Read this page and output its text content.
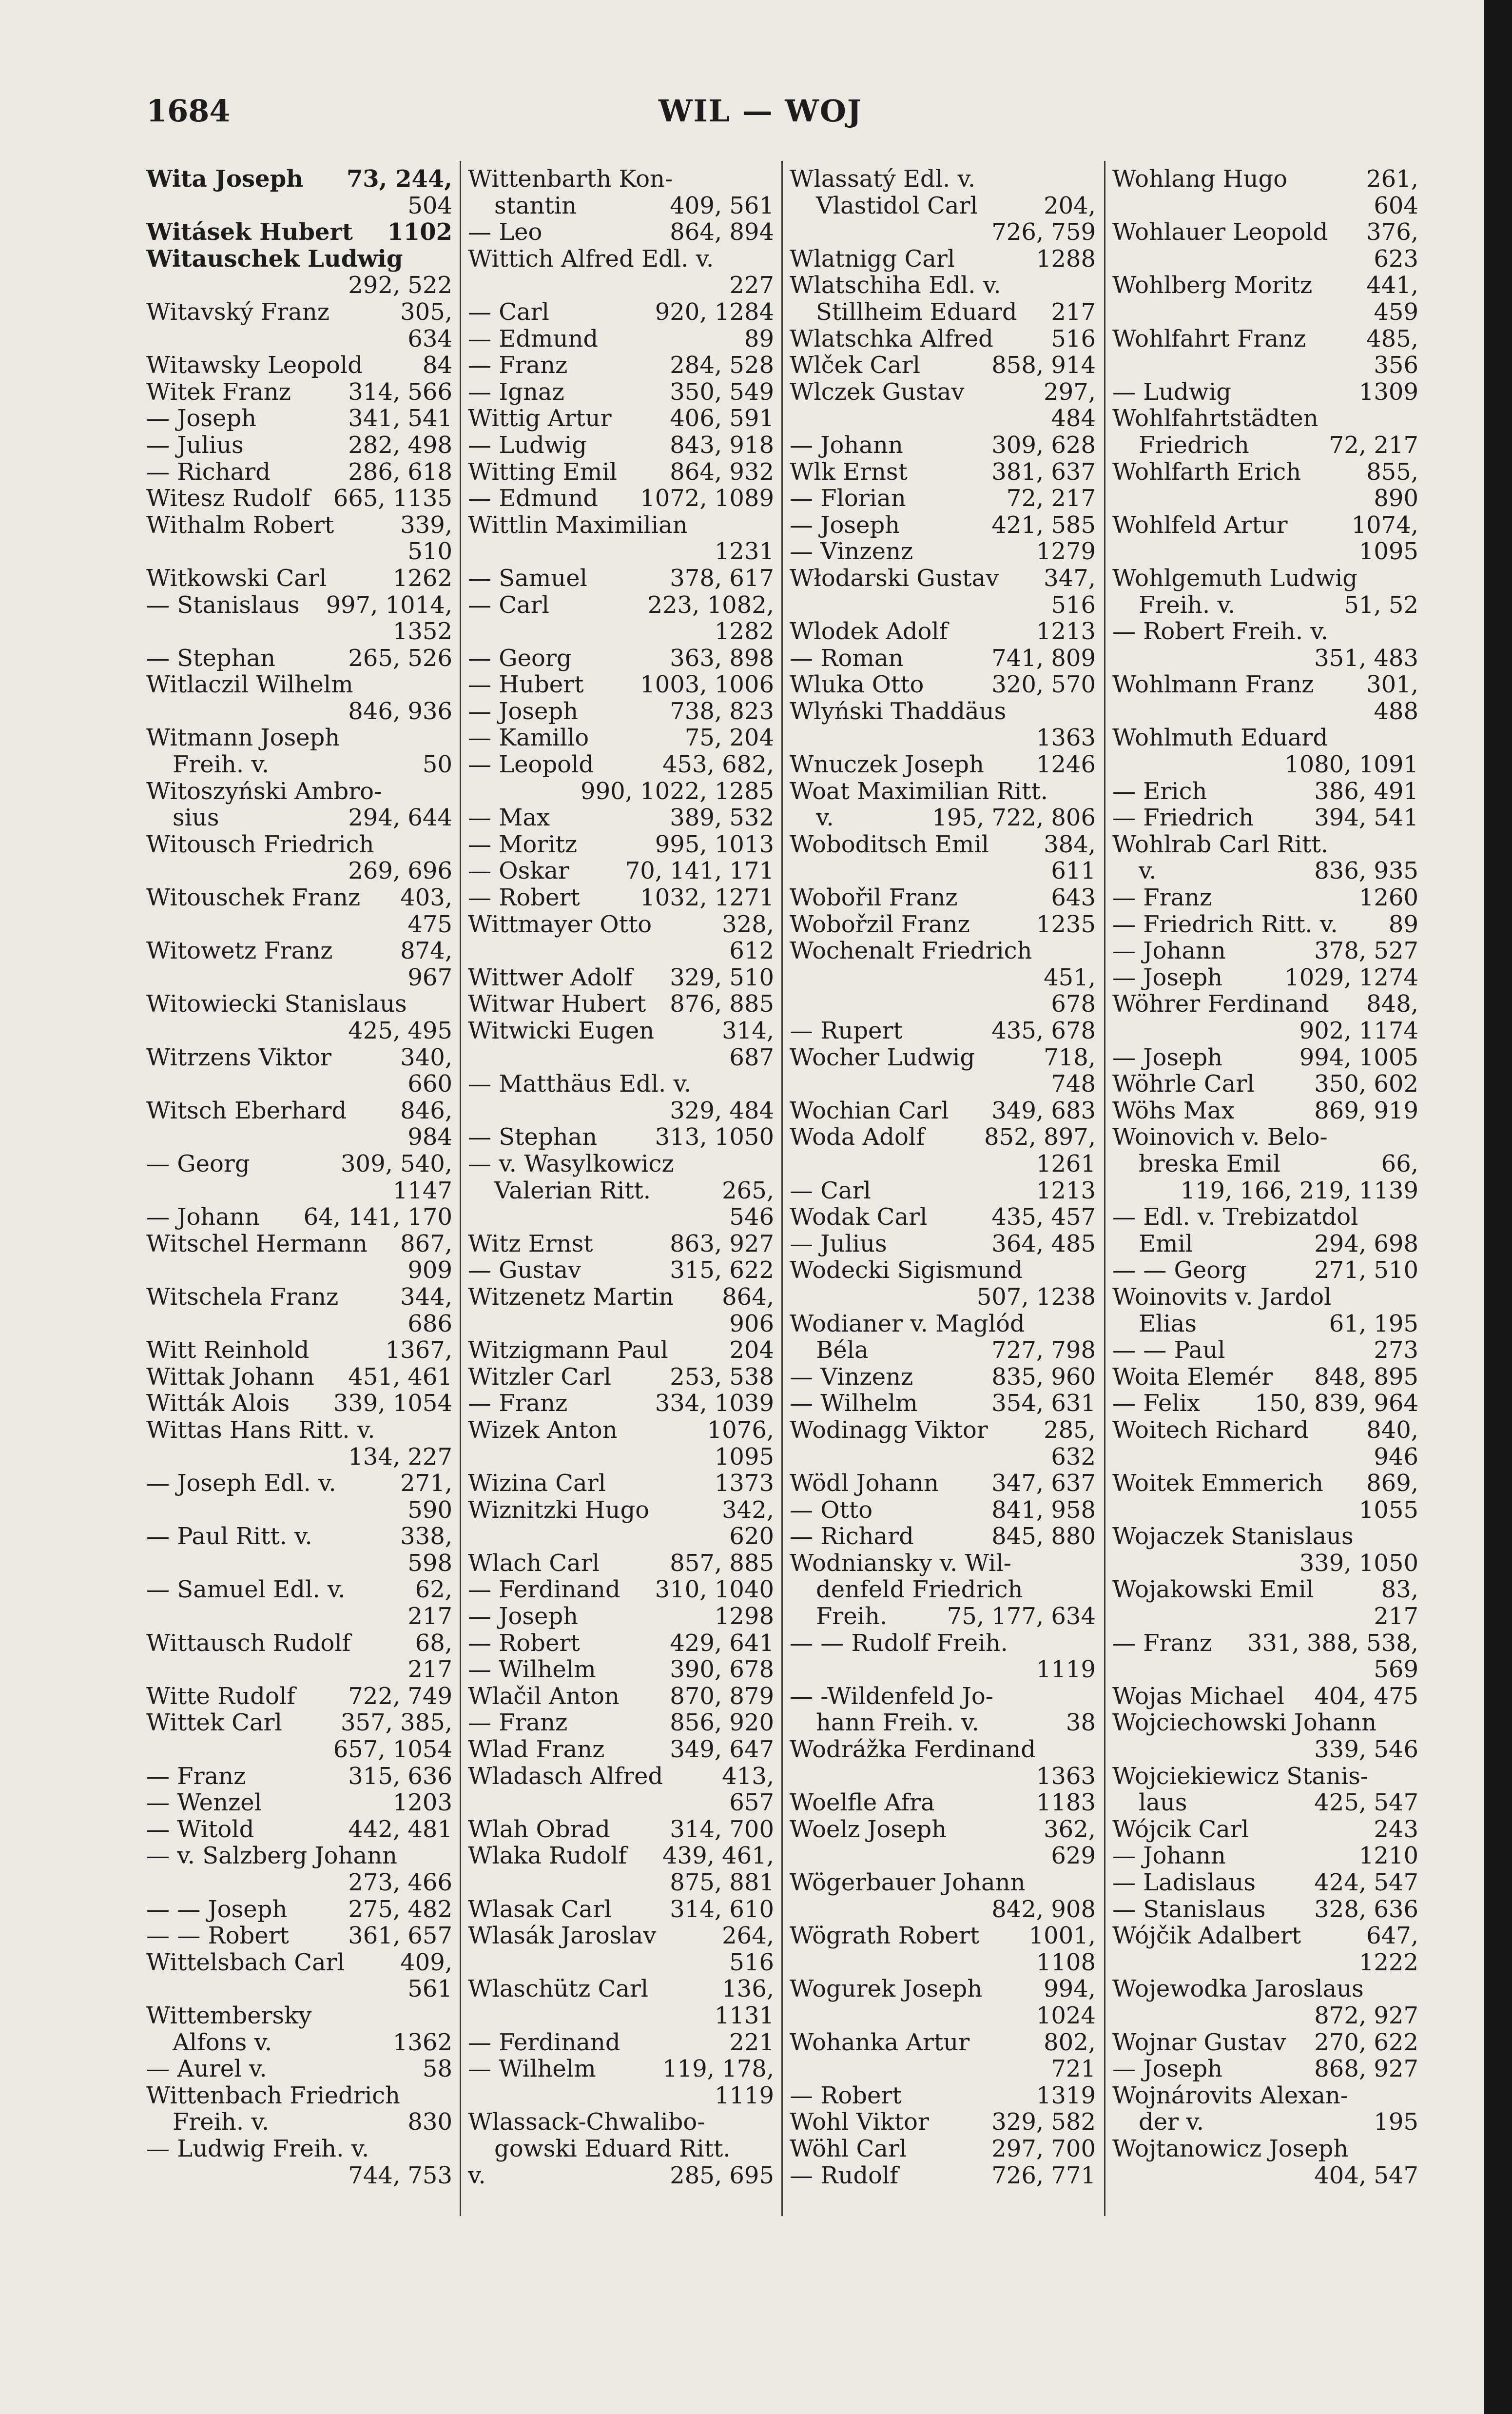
1684	WIL — WOJ
Wita Joseph 73, 244,
504
Witásek Hubert 1102
Witauschek Ludwig
292, 522
Witavský Franz	305,
634
Witawsky Leopold	84
Witek Franz 314, 566
— Joseph	341, 541
— Julius	282, 498
— Richard	286, 618
Witesz Rudolf 665, 1135
Withalm Robert	339,
510
Witkowski Carl	1262
— Stanislaus 997, 1014,
1352
— Stephan	265, 526
Witlaczil Wilhelm
846, 936
Witmann Joseph
Freih. v.	50
Witoszyński Ambro-
sius	294, 644
Witousch Friedrich
269, 696
Witouschek Franz 403,
475
Witowetz Franz	874,
967
Witowiecki Stanislaus
425, 495
Witrzens Viktor	340,
660
Witsch Eberhard 846,
984
— Georg	309, 540,
1147
— Johann 64, 141, 170
Witschel Hermann 867,
909
Witschela Franz	344,
686
Witt Reinhold	1367,
Wittak Johann 451, 461
Witták Alois 339, 1054
Wittas Hans Ritt. v.
134, 227
— Joseph Edl. v.	271,
590
— Paul Ritt. v.	338,
598
— Samuel Edl. v.	62,
217
Wittausch Rudolf	68,
217
Witte Rudolf 722, 749
Wittek Carl	357, 385,
657, 1054
— Franz	315, 636
— Wenzel	1203
— Witold	442, 481
— v. Salzberg Johann
273, 466
— — Joseph	275, 482
— — Robert	361, 657
Wittelsbach Carl 409,
561
Wittembersky
Alfons v.	1362
— Aurel v.	58
Wittenbach Friedrich
Freih. v.	830
— Ludwig Freih. v.
744, 753
Wittenbarth Kon-
stantin	409, 561
— Leo	864, 894
Wittich Alfred Edl. v.
227
— Carl	920, 1284
— Edmund	89
— Franz	284, 528
— Ignaz	350, 549
Wittig Artur 406, 591
— Ludwig	843, 918
Witting Emil 864, 932
— Edmund 1072, 1089
Wittlin Maximilian
1231
— Samuel	378, 617
— Carl	223, 1082,
1282
— Georg	363, 898
— Hubert 1003, 1006
— Joseph	738, 823
— Kamillo	75, 204
— Leopold	453, 682,
990, 1022, 1285
— Max	389, 532
— Moritz	995, 1013
— Oskar 70, 141, 171
— Robert	1032, 1271
Wittmayer Otto	328,
612
Wittwer Adolf 329, 510
Witwar Hubert 876, 885
Witwicki Eugen	314,
687
— Matthäus Edl. v.
329, 484
— Stephan 313, 1050
— v. Wasylkowicz
Valerian Ritt.	265,
546
Witz Ernst	863, 927
— Gustav	315, 622
Witzenetz Martin 864,
906
Witzigmann Paul	204
Witzler Carl	253, 538
— Franz	334, 1039
Wizek Anton	1076,
1095
Wizina Carl	1373
Wiznitzki Hugo	342,
620
Wlach Carl	857, 885
— Ferdinand 310, 1040
— Joseph	1298
— Robert	429, 641
— Wilhelm	390, 678
Wlačil Anton 870, 879
— Franz	856, 920
Wlad Franz	349, 647
Wladasch Alfred	413,
657
Wlah Obrad	314, 700
Wlaka Rudolf 439, 461,
875, 881
Wlasak Carl 314, 610
Wlasák Jaroslav	264,
516
Wlaschütz Carl	136,
1131
— Ferdinand	221
— Wilhelm	119, 178,
1119
Wlassack-Chwalibo-
gowski Eduard Ritt.
v.	285, 695
Wlassatý Edl. v.
Vlastidol Carl	204,
726, 759
Wlatnigg Carl	1288
Wlatschiha Edl. v.
Stillheim Eduard 217
Wlatschka Alfred 516
Wlček Carl	858, 914
Wlczek Gustav	297,
484
— Johann	309, 628
Wlk Ernst	381, 637
— Florian	72, 217
— Joseph	421, 585
— Vinzenz	1279
Włodarski Gustav 347,
516
Wlodek Adolf	1213
— Roman	741, 809
Wluka Otto	320, 570
Wlyński Thaddäus
1363
Wnuczek Joseph 1246
Woat Maximilian Ritt.
v.	195, 722, 806
Woboditsch Emil 384,
611
Wobořil Franz	643
Wobořzil Franz	1235
Wochenalt Friedrich
451,
678
— Rupert	435, 678
Wocher Ludwig	718,
748
Wochian Carl 349, 683
Woda Adolf	852, 897,
1261
— Carl	1213
Wodak Carl	435, 457
— Julius	364, 485
Wodecki Sigismund
507, 1238
Wodianer v. Maglód
Béla	727, 798
— Vinzenz	835, 960
— Wilhelm	354, 631
Wodinagg Viktor 285,
632
Wödl Johann 347, 637
— Otto	841, 958
— Richard	845, 880
Wodniansky v. Wil-
denfeld Friedrich
Freih.	75, 177, 634
— — Rudolf Freih.
1119
— -Wildenfeld Jo-
hann Freih. v.	38
Wodrážka Ferdinand
1363
Woelfle Afra	1183
Woelz Joseph	362,
629
Wögerbauer Johann
842, 908
Wögrath Robert 1001,
1108
Wogurek Joseph	994,
1024
Wohanka Artur	802,
721
— Robert	1319
Wohl Viktor	329, 582
Wöhl Carl	297, 700
— Rudolf	726, 771
Wohlang Hugo	261,
604
Wohlauer Leopold 376,
623
Wohlberg Moritz 441,
459
Wohlfahrt Franz	485,
356
— Ludwig	1309
Wohlfahrtstädten
Friedrich	72, 217
Wohlfarth Erich	855,
890
Wohlfeld Artur	1074,
1095
Wohlgemuth Ludwig
Freih. v.	51, 52
— Robert Freih. v.
351, 483
Wohlmann Franz 301,
488
Wohlmuth Eduard
1080, 1091
— Erich	386, 491
— Friedrich	394, 541
Wohlrab Carl Ritt.
v.	836, 935
— Franz	1260
— Friedrich Ritt. v. 89
— Johann	378, 527
— Joseph	1029, 1274
Wöhrer Ferdinand 848,
902, 1174
— Joseph	994, 1005
Wöhrle Carl	350, 602
Wöhs Max	869, 919
Woinovich v. Belo-
breska Emil	66,
119, 166, 219, 1139
— Edl. v. Trebizatdol
Emil	294, 698
— — Georg	271, 510
Woinovits v. Jardol
Elias	61, 195
— — Paul	273
Woita Elemér 848, 895
— Felix 150, 839, 964
Woitech Richard 840,
946
Woitek Emmerich 869,
1055
Wojaczek Stanislaus
339, 1050
Wojakowski Emil	83,
217
— Franz 331, 388, 538,
569
Wojas Michael 404, 475
Wojciechowski Johann
339, 546
Wojciekiewicz Stanis-
laus	425, 547
Wójcik Carl	243
— Johann	1210
— Ladislaus	424, 547
— Stanislaus 328, 636
Wójčik Adalbert	647,
1222
Wojewodka Jaroslaus
872, 927
Wojnar Gustav 270, 622
— Joseph	868, 927
Wojnárovits Alexan-
der v.	195
Wojtanowicz Joseph
404, 547
